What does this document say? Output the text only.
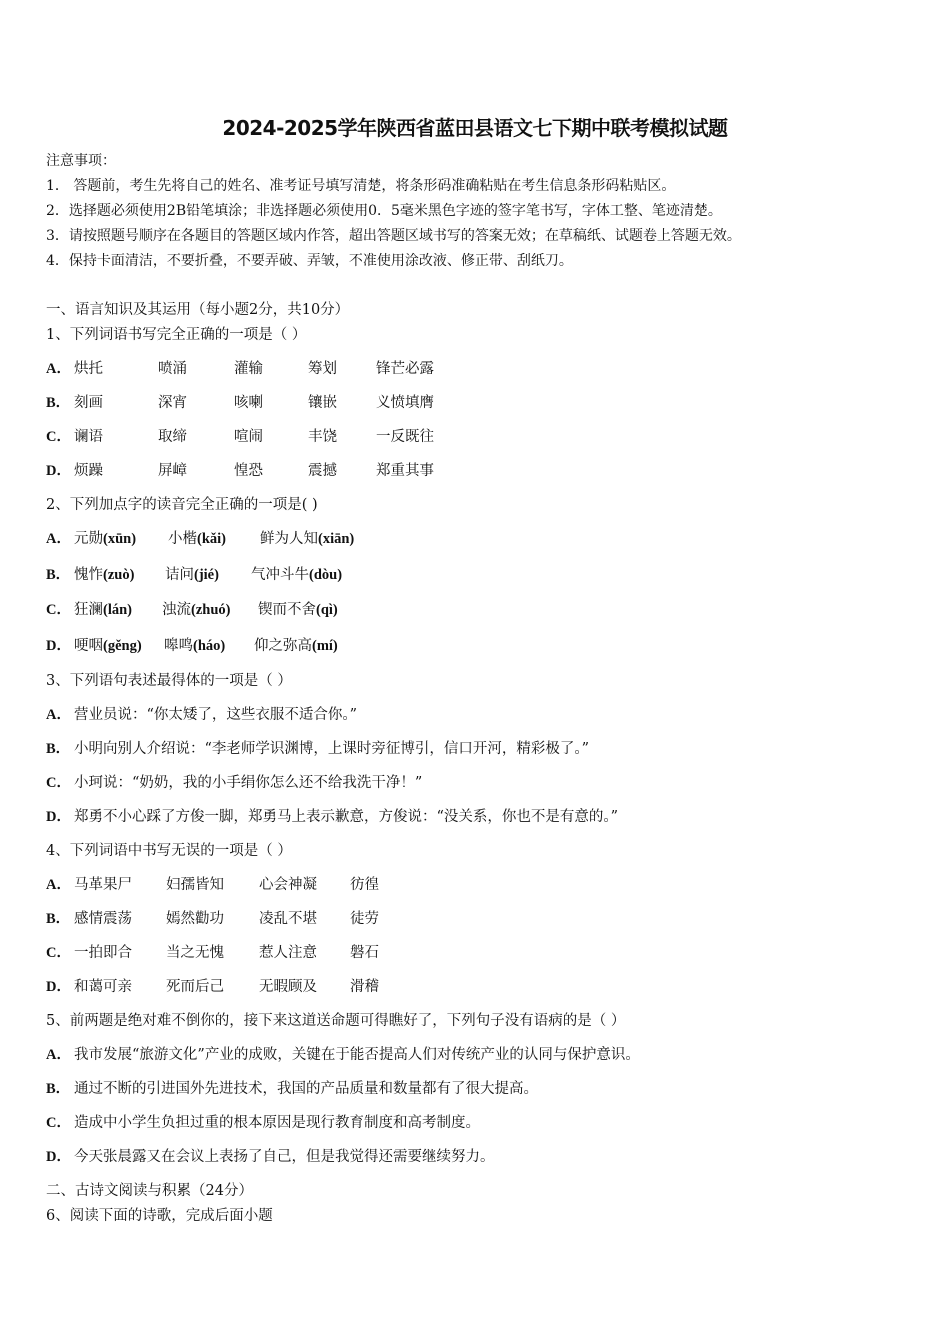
2024-2025学年陕西省蓝田县语文七下期中联考模拟试题
注意事项：
1． 答题前，考生先将自己的姓名、准考证号填写清楚，将条形码准确粘贴在考生信息条形码粘贴区。
2．选择题必须使用2B铅笔填涂；非选择题必须使用0．5毫米黑色字迹的签字笔书写，字体工整、笔迹清楚。
3．请按照题号顺序在各题目的答题区域内作答，超出答题区域书写的答案无效；在草稿纸、试题卷上答题无效。
4．保持卡面清洁，不要折叠，不要弄破、弄皱，不准使用涂改液、修正带、刮纸刀。
一、语言知识及其运用（每小题2分，共10分）
1、下列词语书写完全正确的一项是（ ）
A． 烘托	喷涌	灌输	筹划	锋芒必露
B． 刻画	深宵	咳喇	镶嵌	义愤填膺
C． 谰语	取缔	喧闹	丰饶	一反既往
D． 烦躁	屏嶂	惶恐	震撼	郑重其事
2、下列加点字的读音完全正确的一项是( )
A． 元勋(xūn) 小楷(kǎi) 鲜为人知(xiān)
B． 愧怍(zuò) 诘问(jié) 气冲斗牛(dòu)
C． 狂澜(lán) 浊流(zhuó) 锲而不舍(qì)
D． 哽咽(gěng) 嗥鸣(háo) 仰之弥高(mí)
3、下列语句表述最得体的一项是（ ）
A． 营业员说：“你太矮了，这些衣服不适合你。”
B． 小明向别人介绍说：“李老师学识渊博，上课时旁征博引，信口开河，精彩极了。”
C． 小珂说：“奶奶，我的小手绢你怎么还不给我洗干净！”
D． 郑勇不小心踩了方俊一脚，郑勇马上表示歉意，方俊说：“没关系，你也不是有意的。”
4、下列词语中书写无误的一项是（ ）
A． 马革果尸 妇孺皆知 心会神凝 彷徨
B． 感情震荡 嫣然勸功 凌乱不堪 徒劳
C． 一拍即合 当之无愧 惹人注意 磐石
D． 和蔼可亲 死而后己 无暇顾及 滑稽
5、前两题是绝对难不倒你的，接下来这道送命题可得瞧好了，下列句子没有语病的是（ ）
A． 我市发展“旅游文化”产业的成败，关键在于能否提高人们对传统产业的认同与保护意识。
B． 通过不断的引进国外先进技术，我国的产品质量和数量都有了很大提高。
C． 造成中小学生负担过重的根本原因是现行教育制度和高考制度。
D． 今天张晨露又在会议上表扬了自己，但是我觉得还需要继续努力。
二、古诗文阅读与积累（24分）
6、阅读下面的诗歌，完成后面小题
